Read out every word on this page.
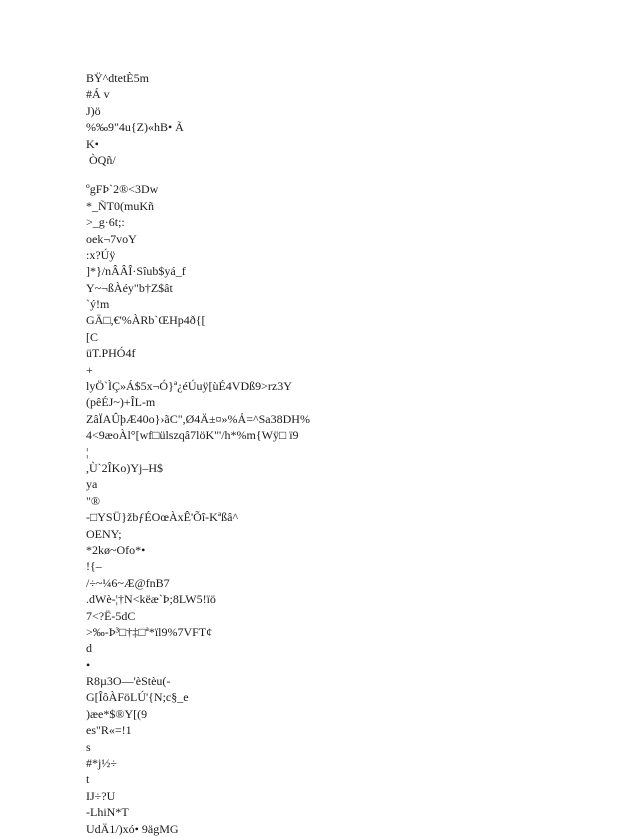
BŸ^dtetÈ5m
#Á v
J)ö
%‰9"4u{Z)«hB• Ã
K•
ÒQñ/
ºgFÞ`2®<3Dw
*_ÑT0(muKñ
>_g·6t;:
oek¬7voY
:x?Úÿ
]*}/nÂÂÎ·Sîub$yá_f
Y~¬ßÀéy"b†Z$ât
`ý!m
GÄ□,€'%ÀRb`ŒHp4ð{[
[C
üT.PHÓ4f
+
lyÖ`ÌÇ»Á$5x¬Ó}ª¿éÚuÿ[ùÉ4VDß9>rz3Y
(pêÉJ~)+ÎL-m
ZâÏAÛþÆ40o}›ãC",Ø4Ä±¤»%Ả=^Sa38DH%
4<9æoÀl°[wf□ülszqâ7löK"'/h*%m{Wÿ□ ï9
¦
,Ù`2ÎKo)Yj–H$
ya
"®
-□YSÜ}žbƒÉOœÀxÊ'Õî-Kªßâ^
OENY;
*2kø~Ofo*•
!{–
/÷~¼6~Æ@fnB7
.dWè-¦†N<këæ`Þ;8LW5!ïö
7<?Ë-5dC
>‰-Þ³□†‡□ª*ïl9%7VFT¢
d
•
R8µ3O—'èStèu(-
G[ÎôÀFöLÚ'{N;c§_e
)æe*$®Y[(9
es"R«=!1
s
#*j½÷
t
IJ÷?U
-LhiN*T
UdÄ1/)xó• 9ägMG
